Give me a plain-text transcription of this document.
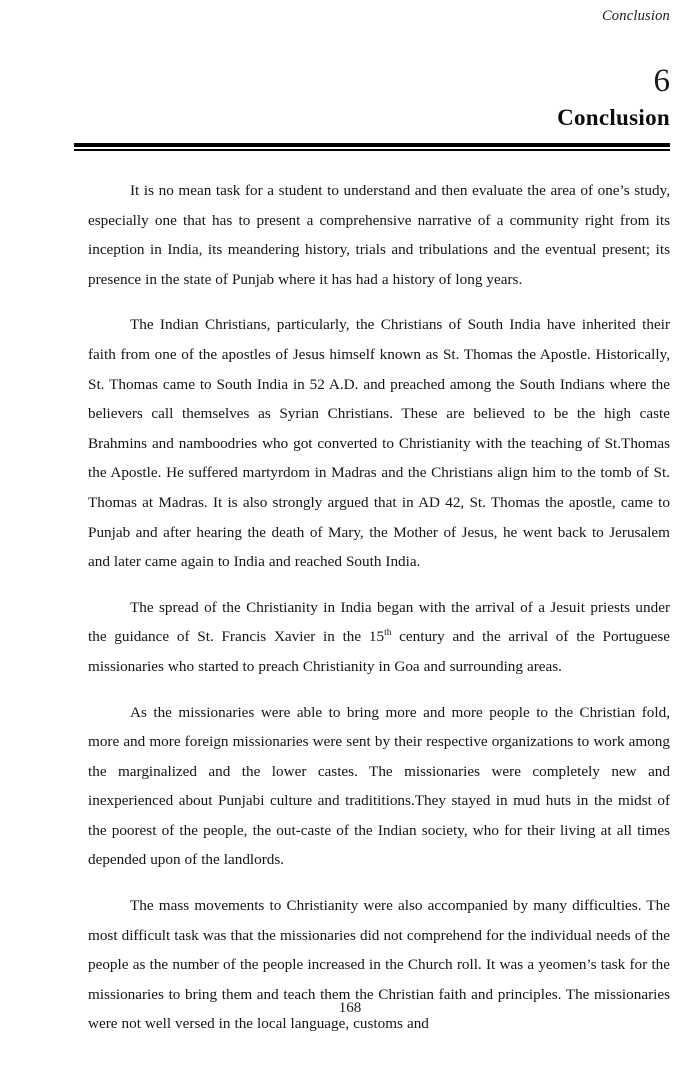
Conclusion
6
Conclusion

It is no mean task for a student to understand and then evaluate the area of one’s study, especially one that has to present a comprehensive narrative of a community right from its inception in India, its meandering history, trials and tribulations and the eventual present; its presence in the state of Punjab where it has had a history of long years.

The Indian Christians, particularly, the Christians of South India have inherited their faith from one of the apostles of Jesus himself known as St. Thomas the Apostle. Historically, St. Thomas came to South India in 52 A.D. and preached among the South Indians where the believers call themselves as Syrian Christians. These are believed to be the high caste Brahmins and namboodries who got converted to Christianity with the teaching of St.Thomas the Apostle. He suffered martyrdom in Madras and the Christians align him to the tomb of St. Thomas at Madras. It is also strongly argued that in AD 42, St. Thomas the apostle, came to Punjab and after hearing the death of Mary, the Mother of Jesus, he went back to Jerusalem and later came again to India and reached South India.

The spread of the Christianity in India began with the arrival of a Jesuit priests under the guidance of St. Francis Xavier in the 15th century and the arrival of the Portuguese missionaries who started to preach Christianity in Goa and surrounding areas.

As the missionaries were able to bring more and more people to the Christian fold, more and more foreign missionaries were sent by their respective organizations to work among the marginalized and the lower castes. The missionaries were completely new and inexperienced about Punjabi culture and tradititions.They stayed in mud huts in the midst of the poorest of the people, the out-caste of the Indian society, who for their living at all times depended upon of the landlords.

The mass movements to Christianity were also accompanied by many difficulties. The most difficult task was that the missionaries did not comprehend for the individual needs of the people as the number of the people increased in the Church roll. It was a yeomen’s task for the missionaries to bring them and teach them the Christian faith and principles. The missionaries were not well versed in the local language, customs and

168
